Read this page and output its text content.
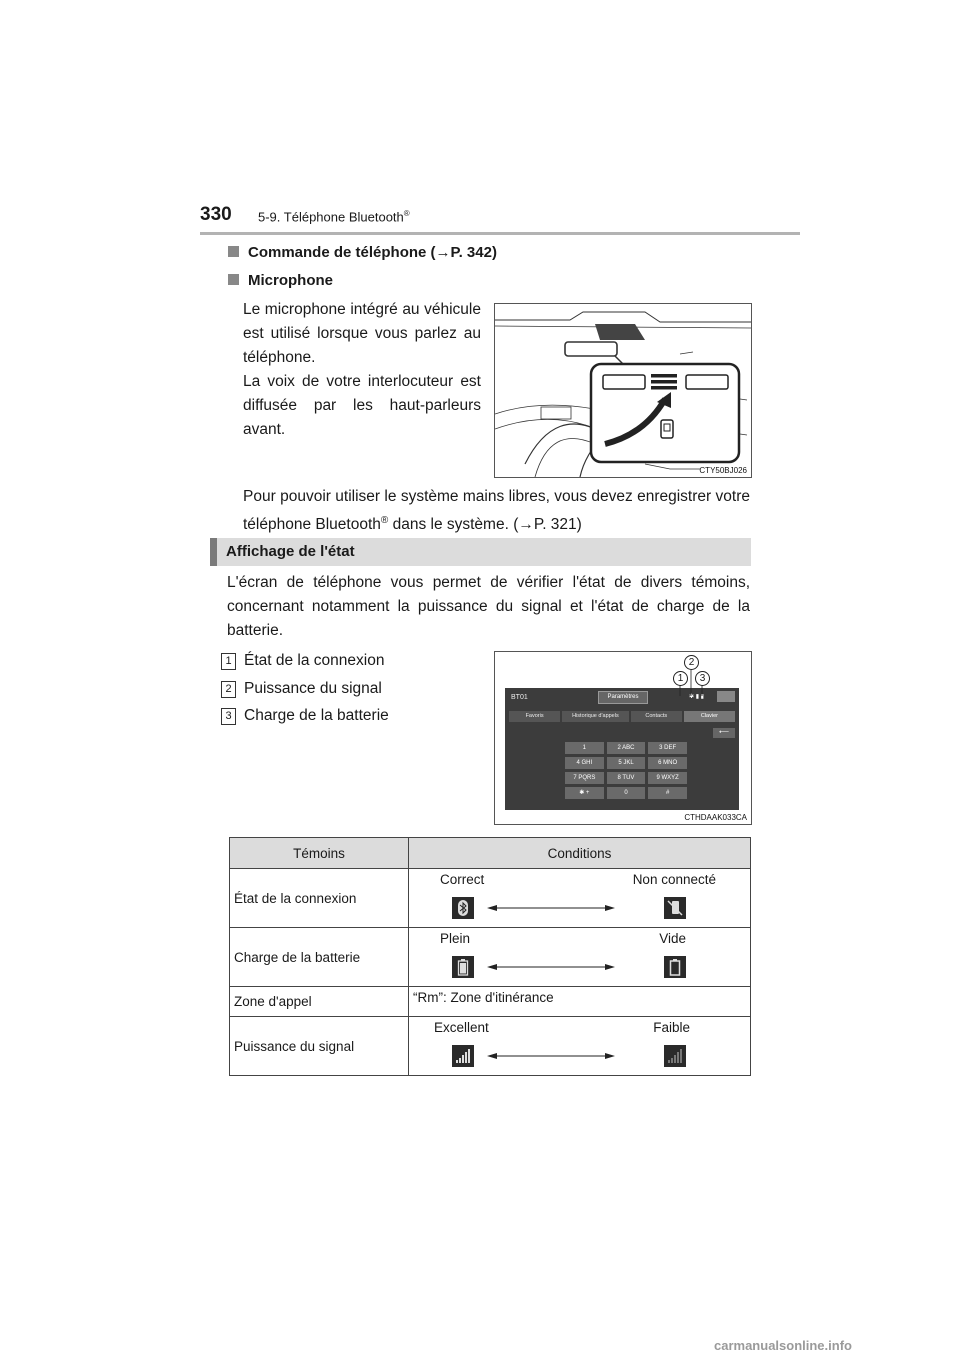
330 5-9. Téléphone Bluetooth®
Commande de téléphone (→P. 342)
Microphone
Le microphone intégré au véhicule est utilisé lorsque vous parlez au téléphone.
La voix de votre interlocuteur est diffusée par les haut-parleurs avant.
CTY50BJ026
Pour pouvoir utiliser le système mains libres, vous devez enregistrer votre téléphone Bluetooth® dans le système. (→P. 321)
Affichage de l'état
L'écran de téléphone vous permet de vérifier l'état de divers témoins, concernant notamment la puissance du signal et l'état de charge de la batterie.
1 État de la connexion
2 Puissance du signal
3 Charge de la batterie
BT01	Paramètres	✱ ▮ ▮
Favoris	Historique d'appels	Contacts	Clavier
⟵
1	2 ABC	3 DEF
4 GHI	5 JKL	6 MNO
7 PQRS	8 TUV	9 WXYZ
✱ +	0	#
1
2
3
CTHDAAK033CA
Témoins	Conditions
État de la connexion	Correct Non connecté

Charge de la batterie	Plein Vide

Zone d'appel	“Rm”: Zone d'itinérance
Puissance du signal	Excellent Faible
carmanualsonline.info
